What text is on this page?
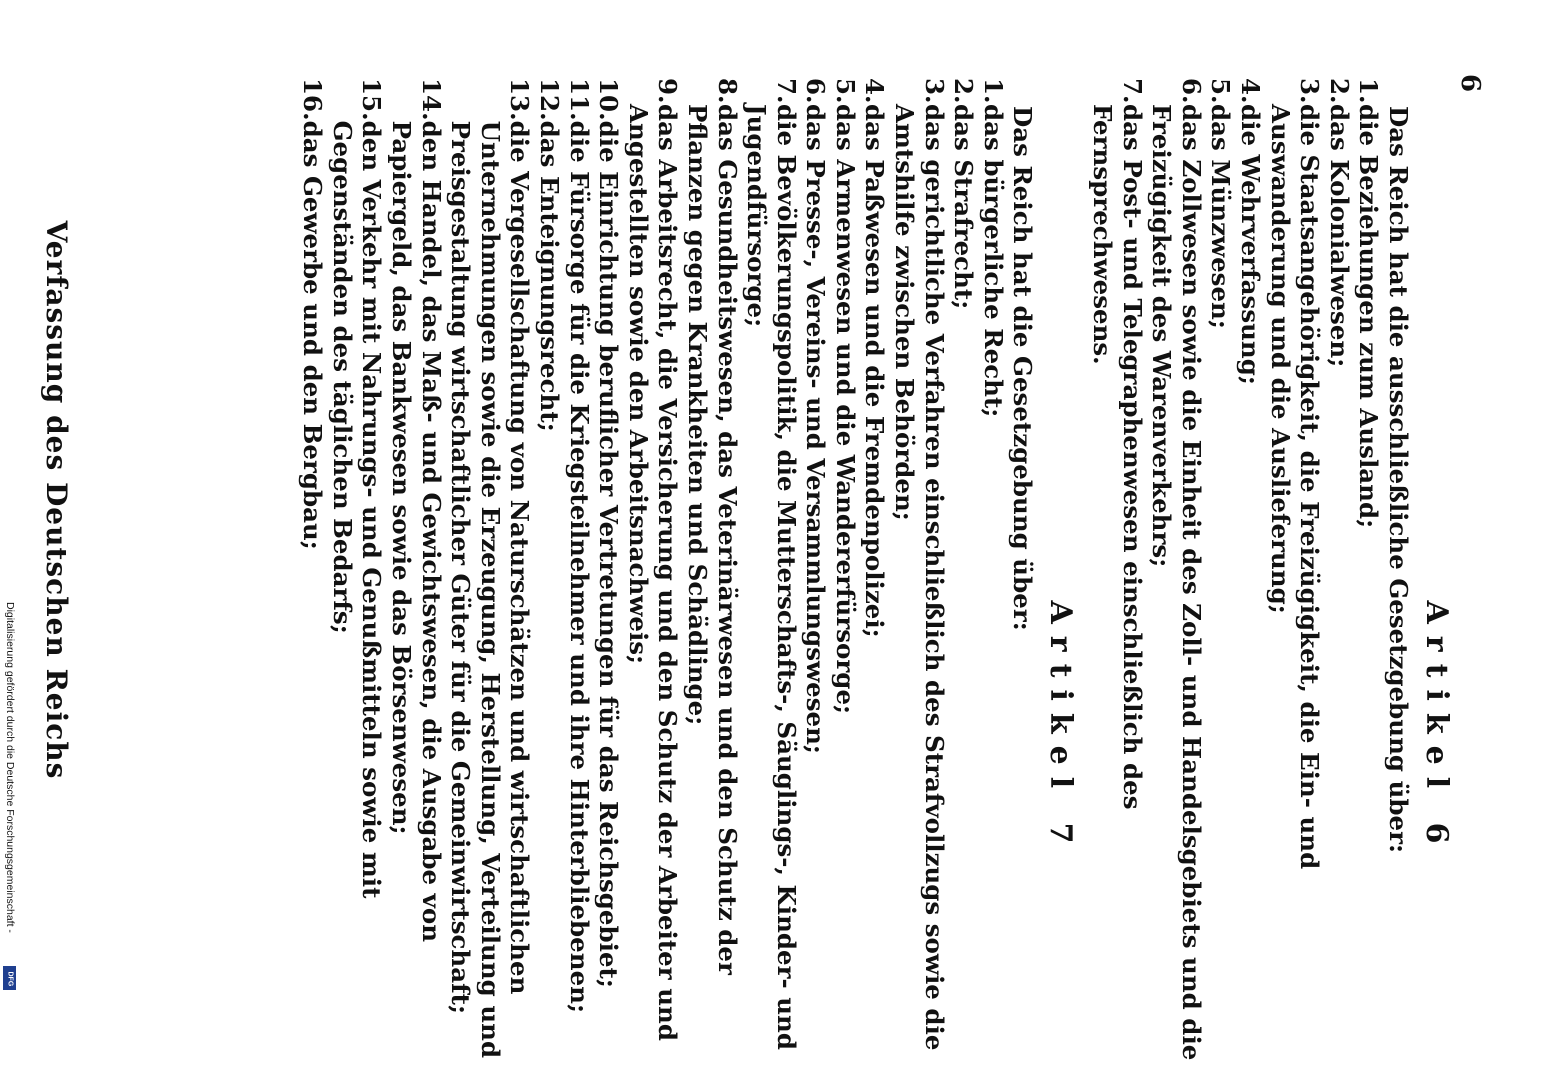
Digitalisierung gefördert durch die Deutsche Forschungsgemeinschaft -
DFG
6
Verfassung des Deutschen Reichs	Artikel 6
Das Reich hat die ausschließliche Gesetzgebung über:
1.
die Beziehungen zum Ausland;
2.
das Kolonialwesen;
3.
die Staatsangehörigkeit, die Freizügigkeit, die Ein- und Auswanderung und die Auslieferung;
4.
die Wehrverfassung;
5.
das Münzwesen;
6.
das Zollwesen sowie die Einheit des Zoll- und Handelsgebiets und die Freizügigkeit des Warenverkehrs;
7.
das Post- und Telegraphenwesen einschließlich des Fernsprechwesens.
Artikel 7
Das Reich hat die Gesetzgebung über:
1.
das bürgerliche Recht;
2.
das Strafrecht;
3.
das gerichtliche Verfahren einschließlich des Strafvollzugs sowie die Amtshilfe zwischen Behörden;
4.
das Paßwesen und die Fremdenpolizei;
5.
das Armenwesen und die Wandererfürsorge;
6.
das Presse-, Vereins- und Versammlungswesen;
7.
die Bevölkerungspolitik, die Mutterschafts-, Säuglings-, Kinder- und Jugendfürsorge;
8.
das Gesundheitswesen, das Veterinärwesen und den Schutz der Pflanzen gegen Krankheiten und Schädlinge;
9.
das Arbeitsrecht, die Versicherung und den Schutz der Arbeiter und Angestellten sowie den Arbeitsnachweis;
10.
die Einrichtung beruflicher Vertretungen für das Reichsgebiet;
11.
die Fürsorge für die Kriegsteilnehmer und ihre Hinterbliebenen;
12.
das Enteignungsrecht;
13.
die Vergesellschaftung von Naturschätzen und wirtschaftlichen Unternehmungen sowie die Erzeugung, Herstellung, Verteilung und Preisgestaltung wirtschaftlicher Güter für die Gemeinwirtschaft;
14.
den Handel, das Maß- und Gewichtswesen, die Ausgabe von Papiergeld, das Bankwesen sowie das Börsenwesen;
15.
den Verkehr mit Nahrungs- und Genußmitteln sowie mit Gegenständen des täglichen Bedarfs;
16.
das Gewerbe und den Bergbau;
